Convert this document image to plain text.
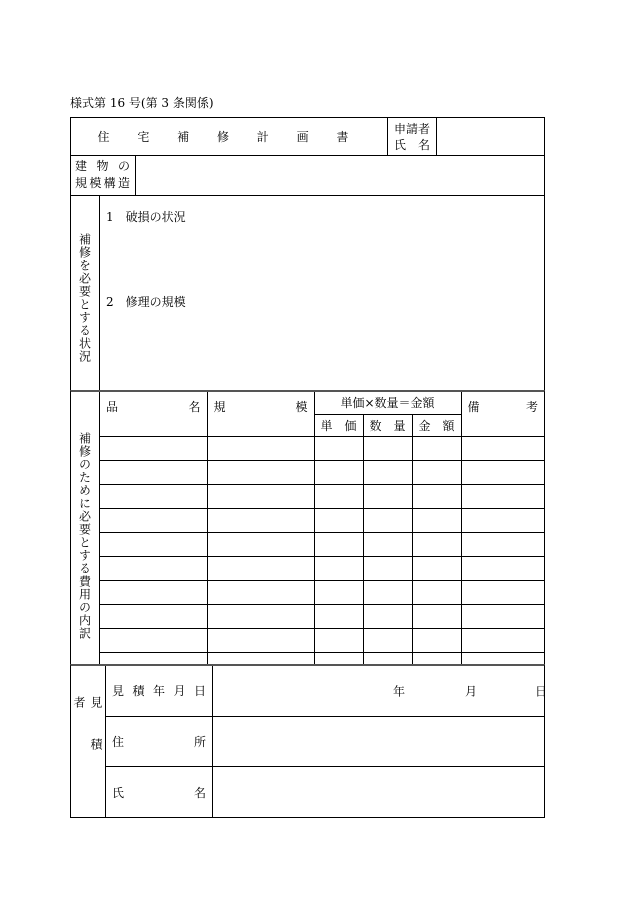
様式第 16 号(第 3 条関係)
住 宅 補 修 計 画 書
申 請 者
氏 名
建 物 の
規 模 構 造
補修を必要とする状況
1　破損の状況
2　修理の規模
補修のために必要とする費用の内訳
品 名	規 模	単価×数量＝金額			備 考

		単 価	数 量	金 額	

見積者
見 積 年 月 日	年	月	日
住	所
氏	名
